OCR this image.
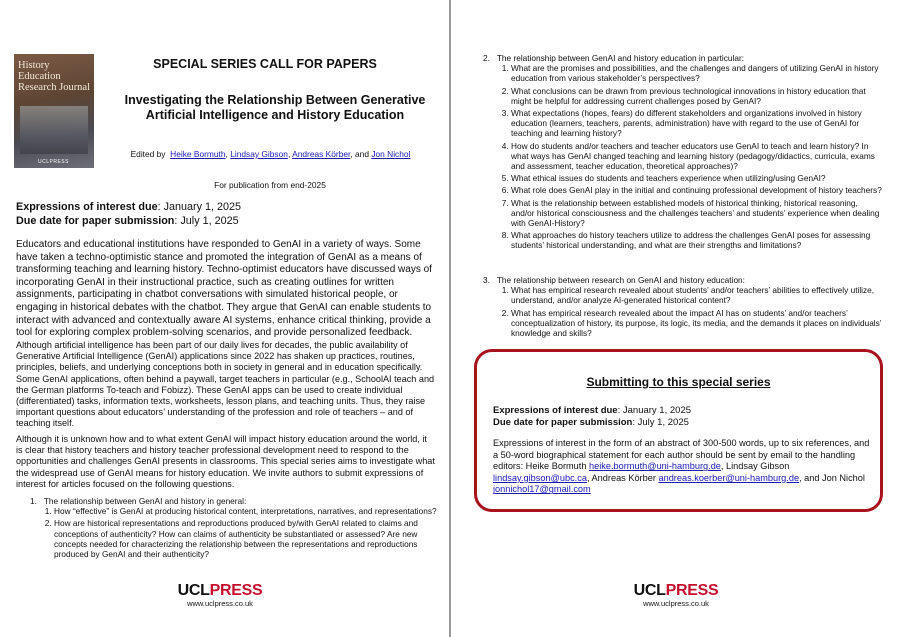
History Education Research Journal
UCLPRESS
SPECIAL SERIES CALL FOR PAPERS
Investigating the Relationship Between Generative Artificial Intelligence and History Education
Edited by Heike Bormuth, Lindsay Gibson, Andreas Körber, and Jon Nichol
For publication from end-2025
Expressions of interest due: January 1, 2025
Due date for paper submission: July 1, 2025
Educators and educational institutions have responded to GenAI in a variety of ways. Some have taken a techno-optimistic stance and promoted the integration of GenAI as a means of transforming teaching and learning history. Techno-optimist educators have discussed ways of incorporating GenAI in their instructional practice, such as creating outlines for written assignments, participating in chatbot conversations with simulated historical people, or engaging in historical debates with the chatbot. They argue that GenAI can enable students to interact with advanced and contextually aware AI systems, enhance critical thinking, provide a tool for exploring complex problem-solving scenarios, and provide personalized feedback.
Although artificial intelligence has been part of our daily lives for decades, the public availability of Generative Artificial Intelligence (GenAI) applications since 2022 has shaken up practices, routines, principles, beliefs, and underlying conceptions both in society in general and in education specifically. Some GenAI applications, often behind a paywall, target teachers in particular (e.g., SchoolAI teach and the German platforms To-teach and Fobizz). These GenAI apps can be used to create individual (differentiated) tasks, information texts, worksheets, lesson plans, and teaching units. Thus, they raise important questions about educators’ understanding of the profession and role of teachers – and of teaching itself.
Although it is unknown how and to what extent GenAI will impact history education around the world, it is clear that history teachers and history teacher professional development need to respond to the opportunities and challenges GenAI presents in classrooms. This special series aims to investigate what the widespread use of GenAI means for history education. We invite authors to submit expressions of interest for articles focused on the following questions.
1.   The relationship between GenAI and history in general:
1. How “effective” is GenAI at producing historical content, interpretations, narratives, and representations?
2. How are historical representations and reproductions produced by/with GenAI related to claims and conceptions of authenticity? How can claims of authenticity be substantiated or assessed? Are new concepts needed for characterizing the relationship between the representations and reproductions produced by GenAI and their authenticity?
UCLPRESS
www.uclpress.co.uk
2.   The relationship between GenAI and history education in particular:
1. What are the promises and possibilities, and the challenges and dangers of utilizing GenAI in history education from various stakeholder’s perspectives?
2. What conclusions can be drawn from previous technological innovations in history education that might be helpful for addressing current challenges posed by GenAI?
3. What expectations (hopes, fears) do different stakeholders and organizations involved in history education (learners, teachers, parents, administration) have with regard to the use of GenAI for teaching and learning history?
4. How do students and/or teachers and teacher educators use GenAI to teach and learn history? In what ways has GenAI changed teaching and learning history (pedagogy/didactics, curricula, exams and assessment, teacher education, theoretical approaches)?
5. What ethical issues do students and teachers experience when utilizing/using GenAI?
6. What role does GenAI play in the initial and continuing professional development of history teachers?
7. What is the relationship between established models of historical thinking, historical reasoning, and/or historical consciousness and the challenges teachers’ and students’ experience when dealing with GenAI-History?
8. What approaches do history teachers utilize to address the challenges GenAI poses for assessing students’ historical understanding, and what are their strengths and limitations?
3.   The relationship between research on GenAI and history education:
1. What has empirical research revealed about students’ and/or teachers’ abilities to effectively utilize, understand, and/or analyze AI-generated historical content?
2. What has empirical research revealed about the impact AI has on students’ and/or teachers’ conceptualization of history, its purpose, its logic, its media, and the demands it places on individuals’ knowledge and skills?
Submitting to this special series
Expressions of interest due: January 1, 2025
Due date for paper submission: July 1, 2025
Expressions of interest in the form of an abstract of 300-500 words, up to six references, and a 50-word biographical statement for each author should be sent by email to the handling editors: Heike Bormuth heike.bormuth@uni-hamburg.de, Lindsay Gibson lindsay.gibson@ubc.ca, Andreas Körber andreas.koerber@uni-hamburg.de, and Jon Nichol jonnichol17@gmail.com
UCLPRESS
www.uclpress.co.uk
